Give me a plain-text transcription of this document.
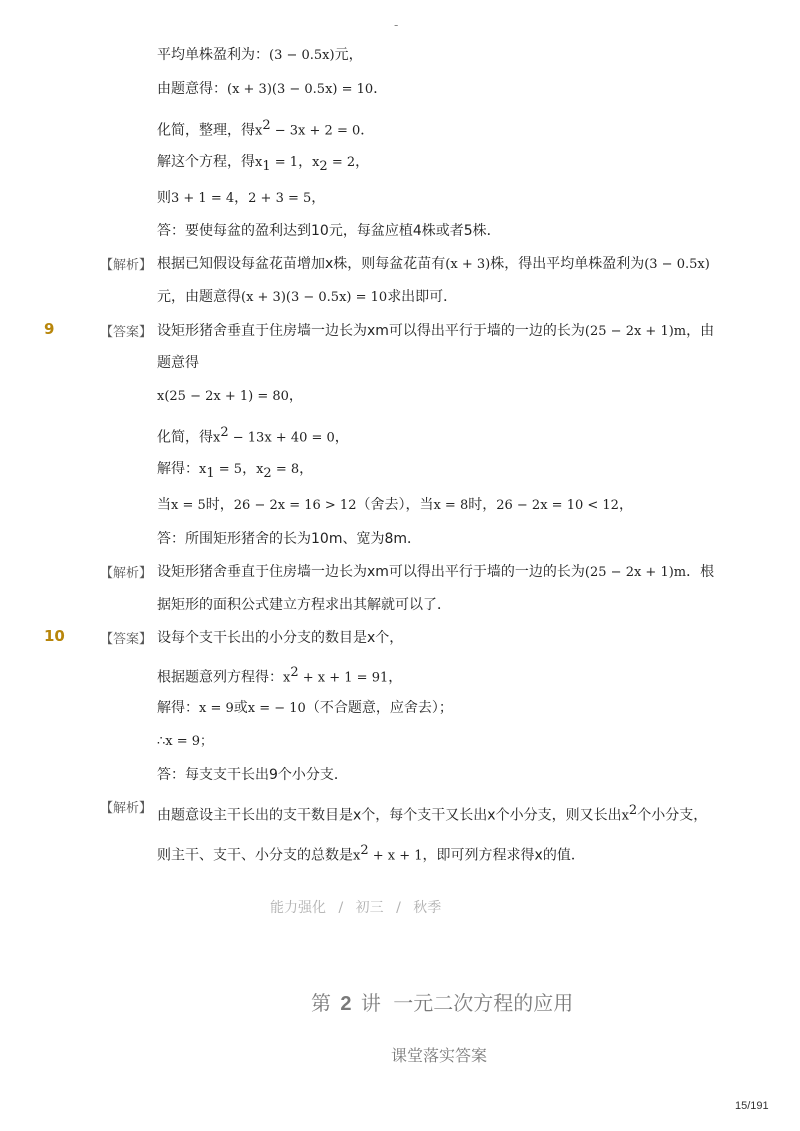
-
平均单株盈利为：(3 − 0.5x)元，
由题意得：(x + 3)(3 − 0.5x) = 10．
化简，整理，得$x^2 - 3x + 2 = 0$．
解这个方程，得$x_1 = 1$，$x_2 = 2$，
则3 + 1 = 4，2 + 3 = 5，
答：要使每盆的盈利达到10元，每盆应植4株或者5株．
【解析】 根据已知假设每盆花苗增加x株，则每盆花苗有(x + 3)株，得出平均单株盈利为(3 − 0.5x)
元，由题意得(x + 3)(3 − 0.5x) = 10求出即可．
9	【答案】 设矩形猪舍垂直于住房墙一边长为xm可以得出平行于墙的一边的长为(25 − 2x + 1)m，由
题意得
x(25 − 2x + 1) = 80，
化简，得$x^2 - 13x + 40 = 0$，
解得：$x_1 = 5$，$x_2 = 8$，
当x = 5时，26 − 2x = 16 > 12（舍去），当x = 8时，26 − 2x = 10 < 12，
答：所围矩形猪舍的长为10m、宽为8m．
【解析】 设矩形猪舍垂直于住房墙一边长为xm可以得出平行于墙的一边的长为(25 − 2x + 1)m．根
据矩形的面积公式建立方程求出其解就可以了．
10	【答案】 设每个支干长出的小分支的数目是x个，
根据题意列方程得：$x^2 + x + 1 = 91$，
解得：x = 9或x = − 10（不合题意，应舍去）；
∴x = 9；
答：每支支干长出9个小分支．
【解析】 由题意设主干长出的支干数目是x个，每个支干又长出x个小分支，则又长出$x^2$个小分支，
则主干、支干、小分支的总数是$x^2 + x + 1$，即可列方程求得x的值．
能力强化 / 初三 / 秋季
第 2 讲 一元二次方程的应用
课堂落实答案
15/191
